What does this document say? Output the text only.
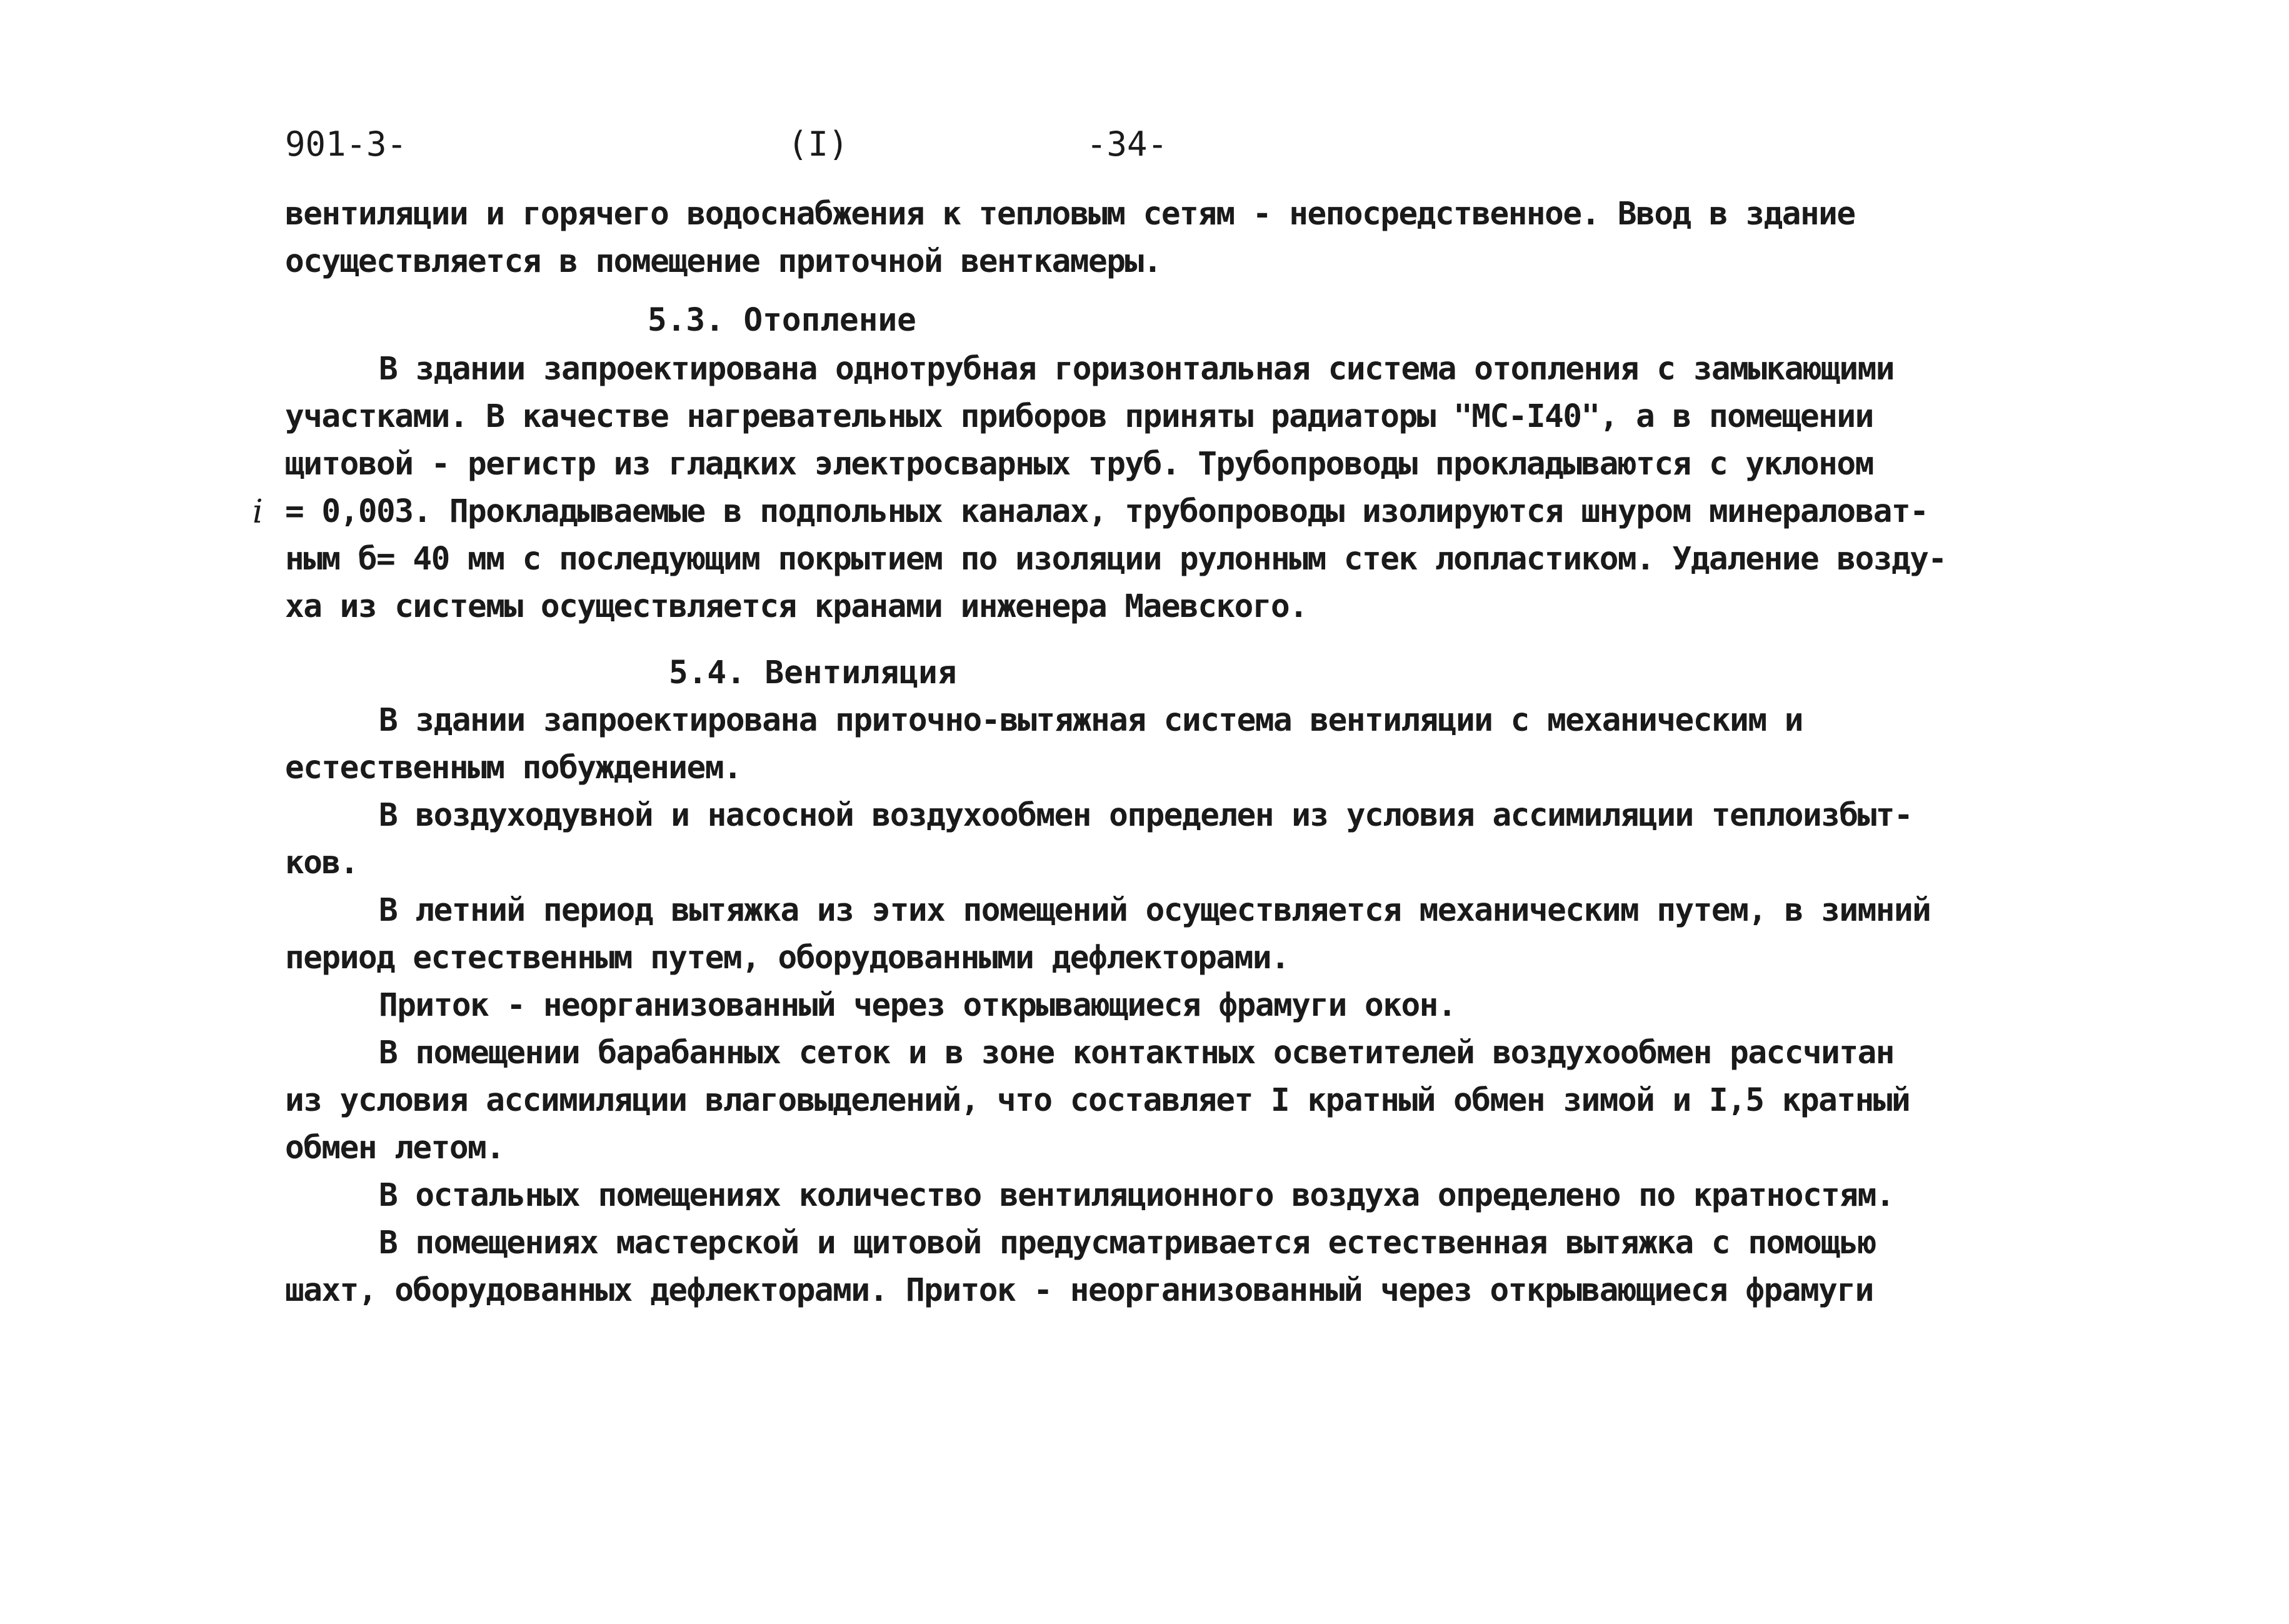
901-3-	(I)	-34-
вентиляции и горячего водоснабжения к тепловым сетям - непосредственное. Ввод в здание
осуществляется в помещение приточной венткамеры.
5.3. Отопление
В здании запроектирована однотрубная горизонтальная система отопления с замыкающими
участками. В качестве нагревательных приборов приняты радиаторы "МС-I40", а в помещении
щитовой - регистр из гладких электросварных труб. Трубопроводы прокладываются с уклоном
i = 0,003. Прокладываемые в подпольных каналах, трубопроводы изолируются шнуром минераловат-
ным б= 40 мм с последующим покрытием по изоляции рулонным стек лопластиком. Удаление возду-
ха из системы осуществляется кранами инженера Маевского.
5.4. Вентиляция
В здании запроектирована приточно-вытяжная система вентиляции с механическим и
естественным побуждением.
В воздуходувной и насосной воздухообмен определен из условия ассимиляции теплоизбыт-
ков.
В летний период вытяжка из этих помещений осуществляется механическим путем, в зимний
период естественным путем, оборудованными дефлекторами.
Приток - неорганизованный через открывающиеся фрамуги окон.
В помещении барабанных сеток и в зоне контактных осветителей воздухообмен рассчитан
из условия ассимиляции влаговыделений, что составляет I кратный обмен зимой и I,5 кратный
обмен летом.
В остальных помещениях количество вентиляционного воздуха определено по кратностям.
В помещениях мастерской и щитовой предусматривается естественная вытяжка с помощью
шахт, оборудованных дефлекторами. Приток - неорганизованный через открывающиеся фрамуги
